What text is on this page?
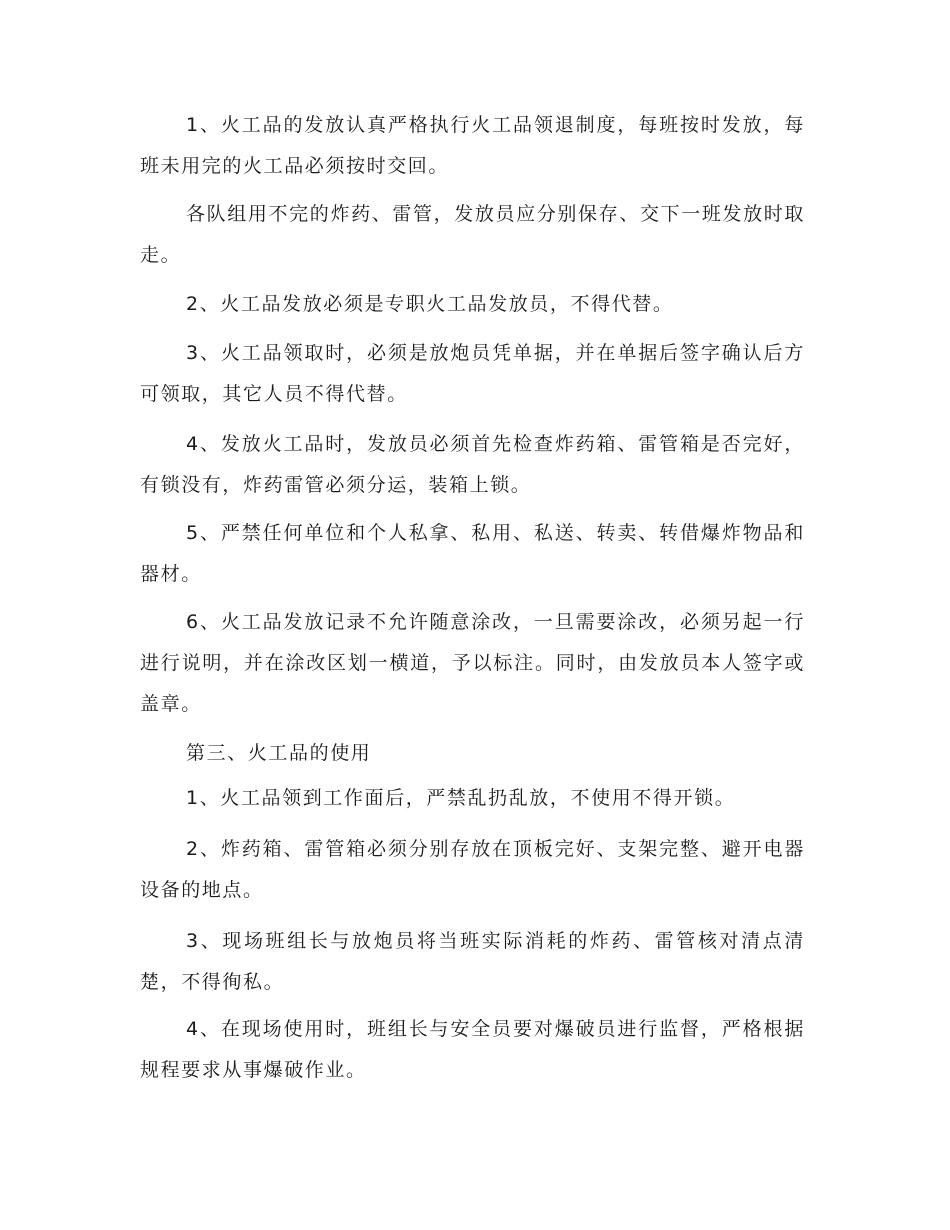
1、火工品的发放认真严格执行火工品领退制度，每班按时发放，每班未用完的火工品必须按时交回。

各队组用不完的炸药、雷管，发放员应分别保存、交下一班发放时取走。

2、火工品发放必须是专职火工品发放员，不得代替。

3、火工品领取时，必须是放炮员凭单据，并在单据后签字确认后方可领取，其它人员不得代替。

4、发放火工品时，发放员必须首先检查炸药箱、雷管箱是否完好，有锁没有，炸药雷管必须分运，装箱上锁。

5、严禁任何单位和个人私拿、私用、私送、转卖、转借爆炸物品和器材。

6、火工品发放记录不允许随意涂改，一旦需要涂改，必须另起一行进行说明，并在涂改区划一横道，予以标注。同时，由发放员本人签字或盖章。

第三、火工品的使用

1、火工品领到工作面后，严禁乱扔乱放，不使用不得开锁。

2、炸药箱、雷管箱必须分别存放在顶板完好、支架完整、避开电器设备的地点。

3、现场班组长与放炮员将当班实际消耗的炸药、雷管核对清点清楚，不得徇私。

4、在现场使用时，班组长与安全员要对爆破员进行监督，严格根据规程要求从事爆破作业。
